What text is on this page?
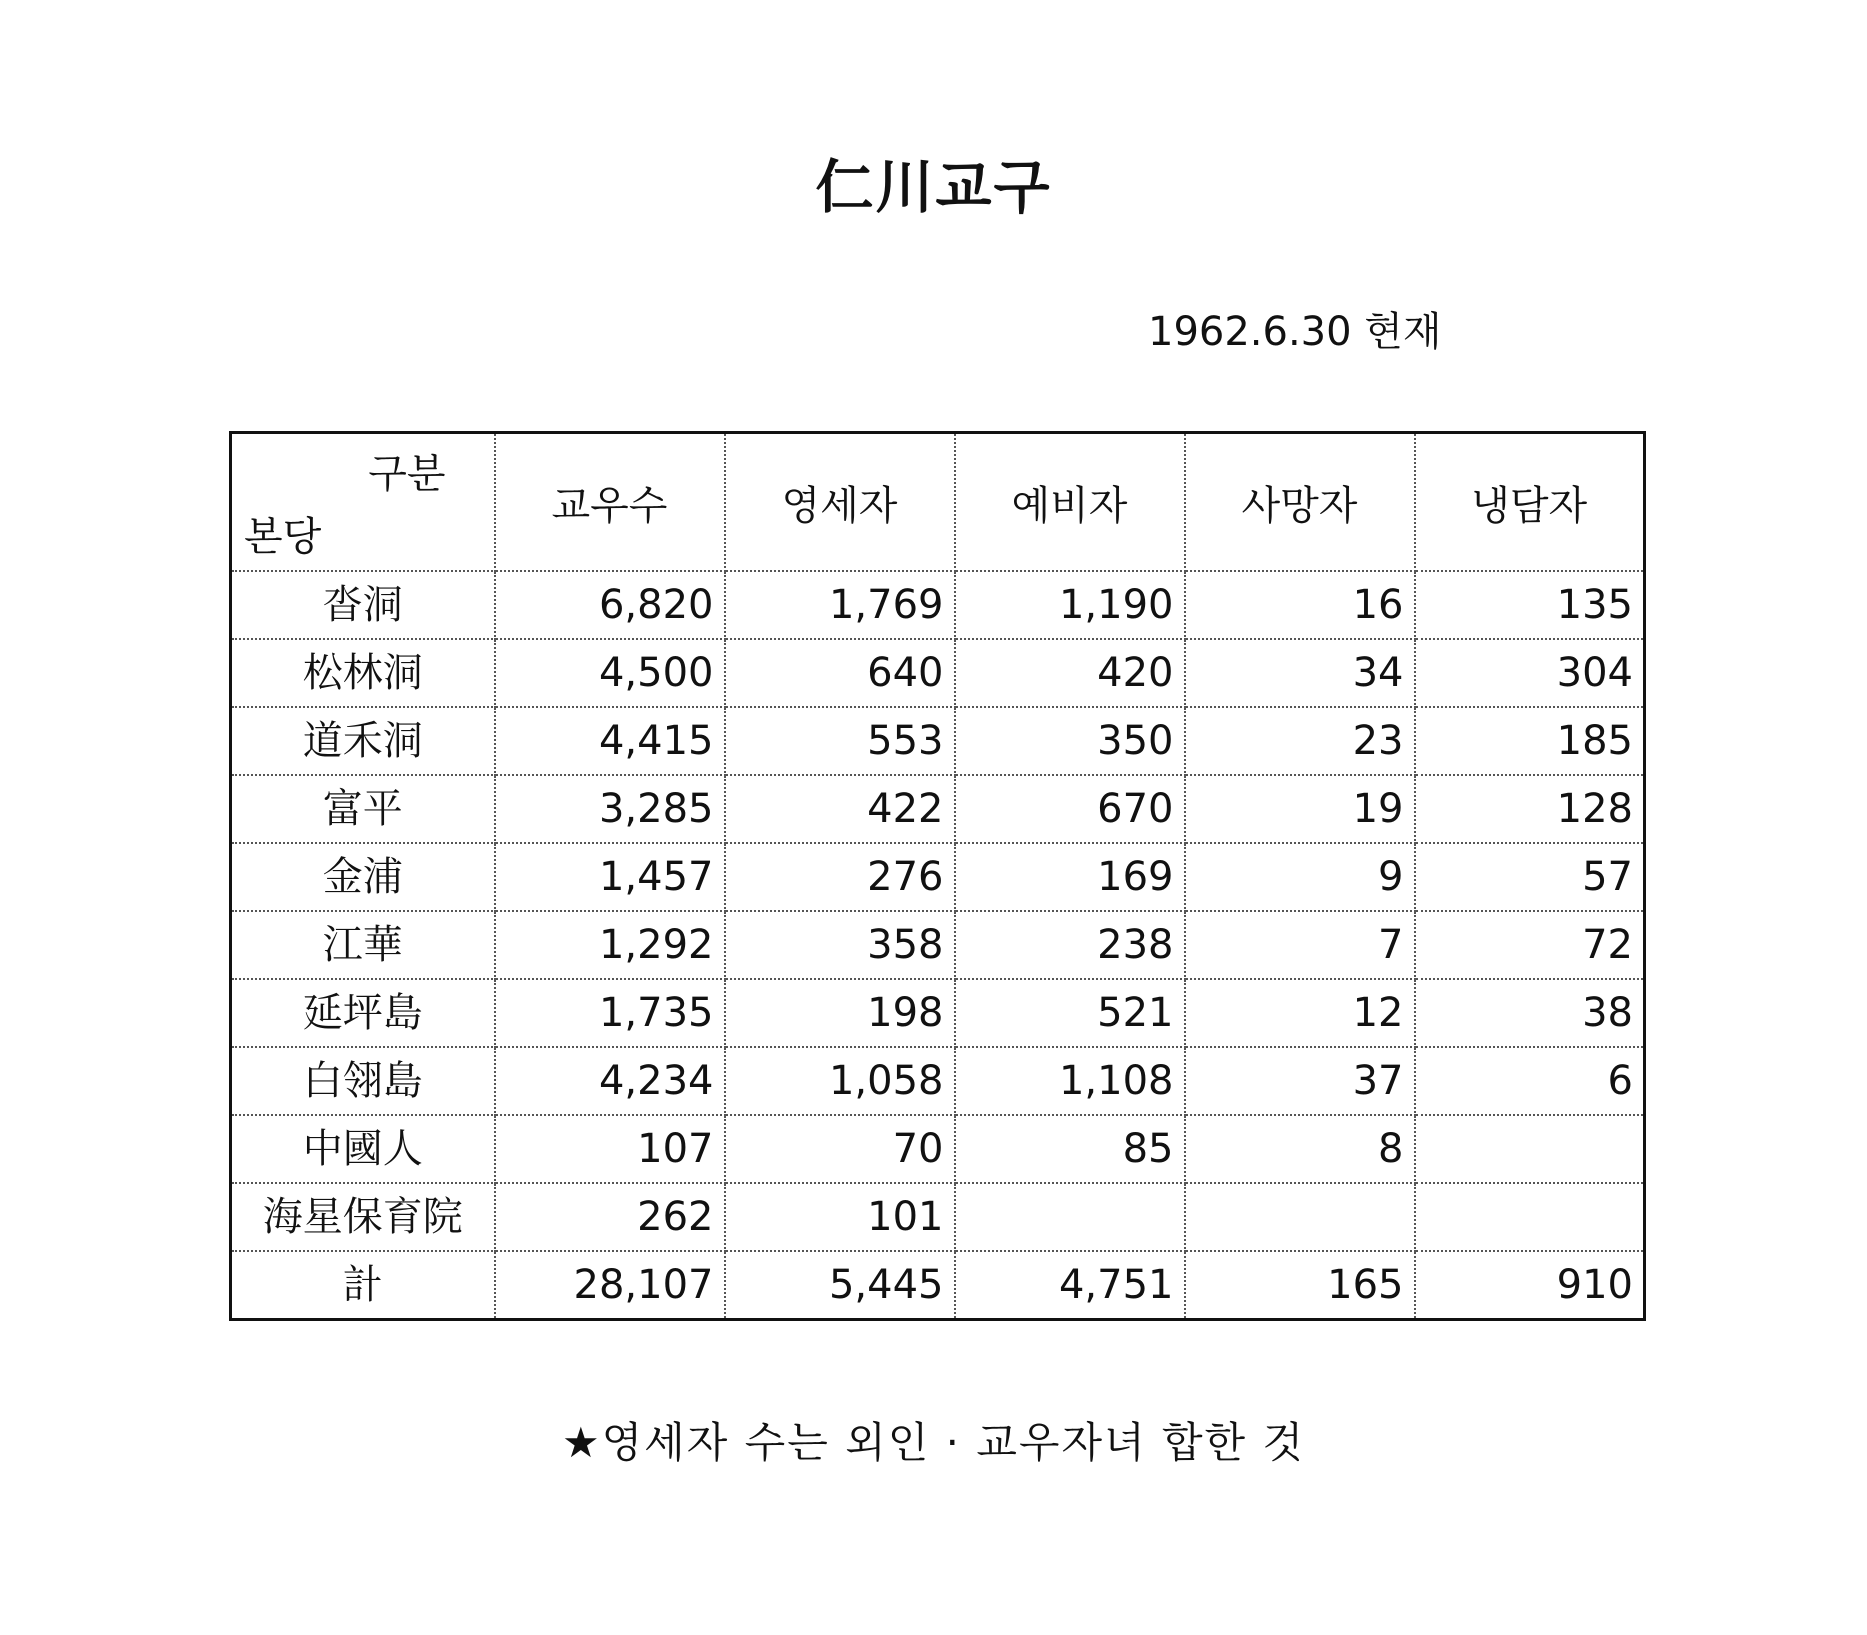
仁川교구
1962.6.30 현재
구분
본당	교우수	영세자	예비자	사망자	냉담자
沓洞	6,820	1,769	1,190	16	135
松林洞	4,500	640	420	34	304
道禾洞	4,415	553	350	23	185
富平	3,285	422	670	19	128
金浦	1,457	276	169	9	57
江華	1,292	358	238	7	72
延坪島	1,735	198	521	12	38
白翎島	4,234	1,058	1,108	37	6
中國人	107	70	85	8	
海星保育院	262	101			
計	28,107	5,445	4,751	165	910
★영세자 수는 외인 · 교우자녀 합한 것
